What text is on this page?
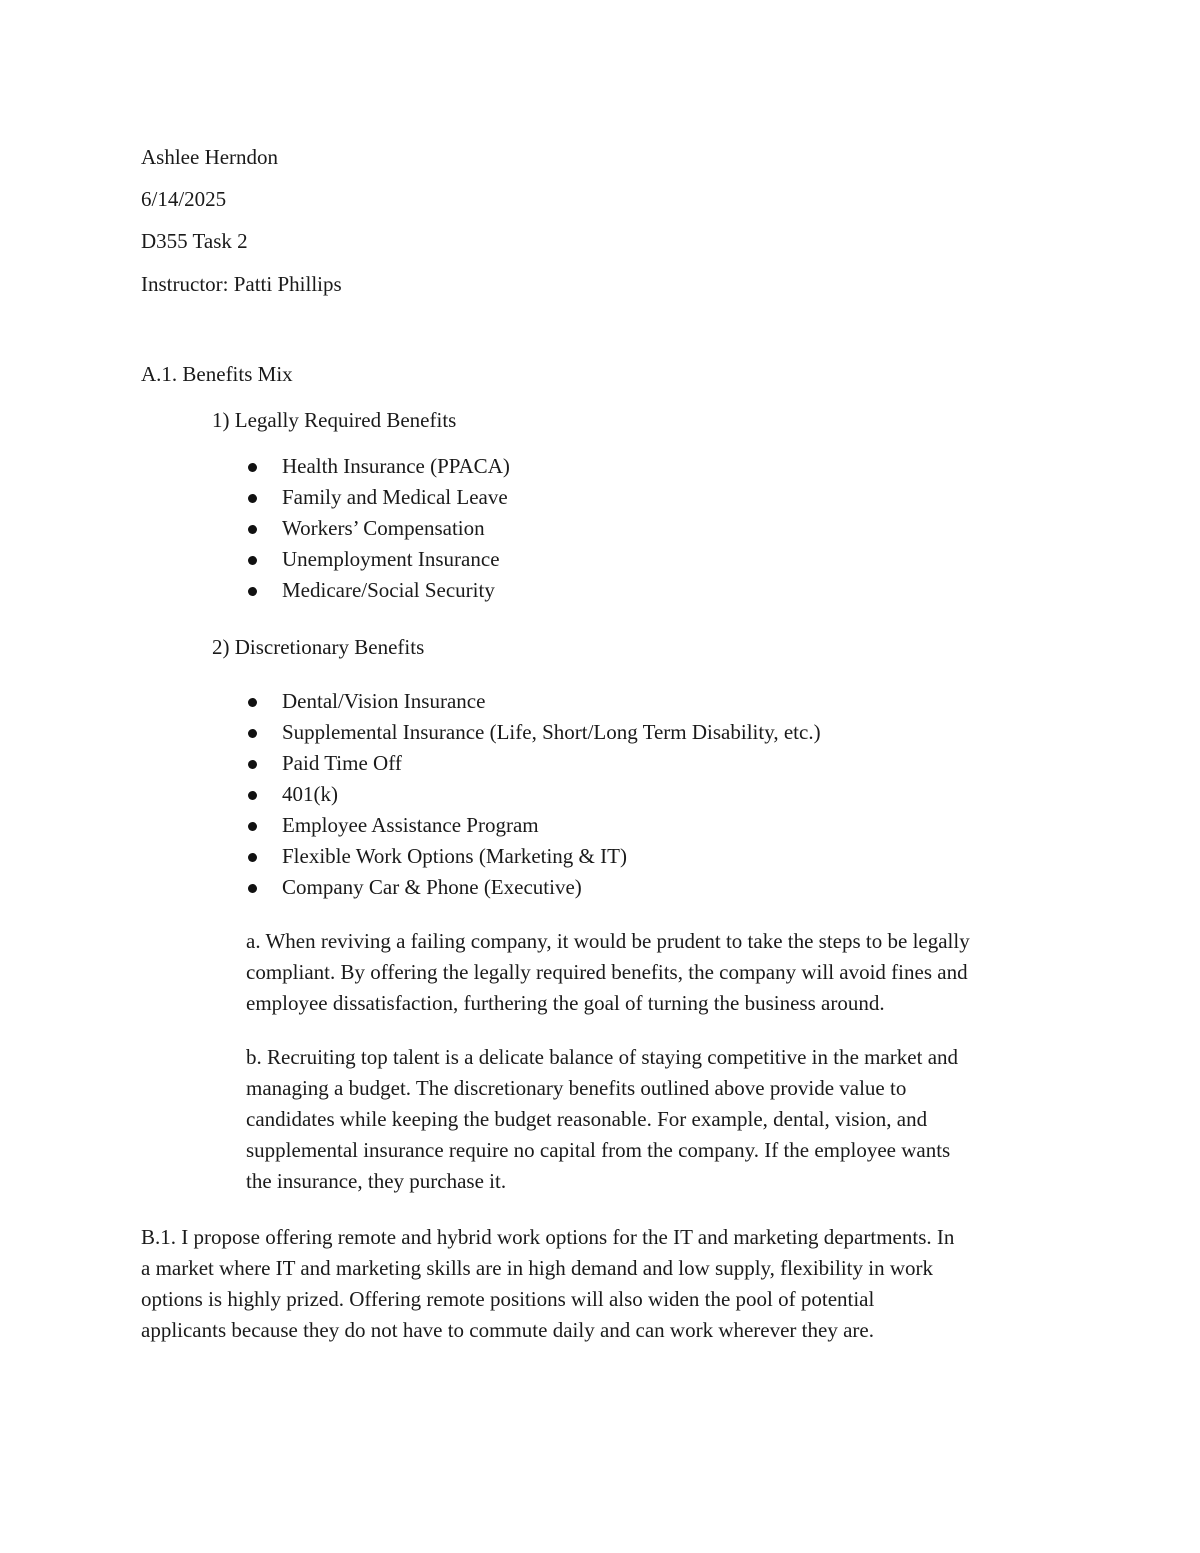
Ashlee Herndon
6/14/2025
D355 Task 2
Instructor: Patti Phillips
A.1. Benefits Mix
1) Legally Required Benefits
Health Insurance (PPACA)
Family and Medical Leave
Workers’ Compensation
Unemployment Insurance
Medicare/Social Security
2) Discretionary Benefits
Dental/Vision Insurance
Supplemental Insurance (Life, Short/Long Term Disability, etc.)
Paid Time Off
401(k)
Employee Assistance Program
Flexible Work Options (Marketing & IT)
Company Car & Phone (Executive)
a. When reviving a failing company, it would be prudent to take the steps to be legally
compliant. By offering the legally required benefits, the company will avoid fines and
employee dissatisfaction, furthering the goal of turning the business around.
b. Recruiting top talent is a delicate balance of staying competitive in the market and
managing a budget. The discretionary benefits outlined above provide value to
candidates while keeping the budget reasonable. For example, dental, vision, and
supplemental insurance require no capital from the company. If the employee wants
the insurance, they purchase it.
B.1. I propose offering remote and hybrid work options for the IT and marketing departments. In
a market where IT and marketing skills are in high demand and low supply, flexibility in work
options is highly prized. Offering remote positions will also widen the pool of potential
applicants because they do not have to commute daily and can work wherever they are.
